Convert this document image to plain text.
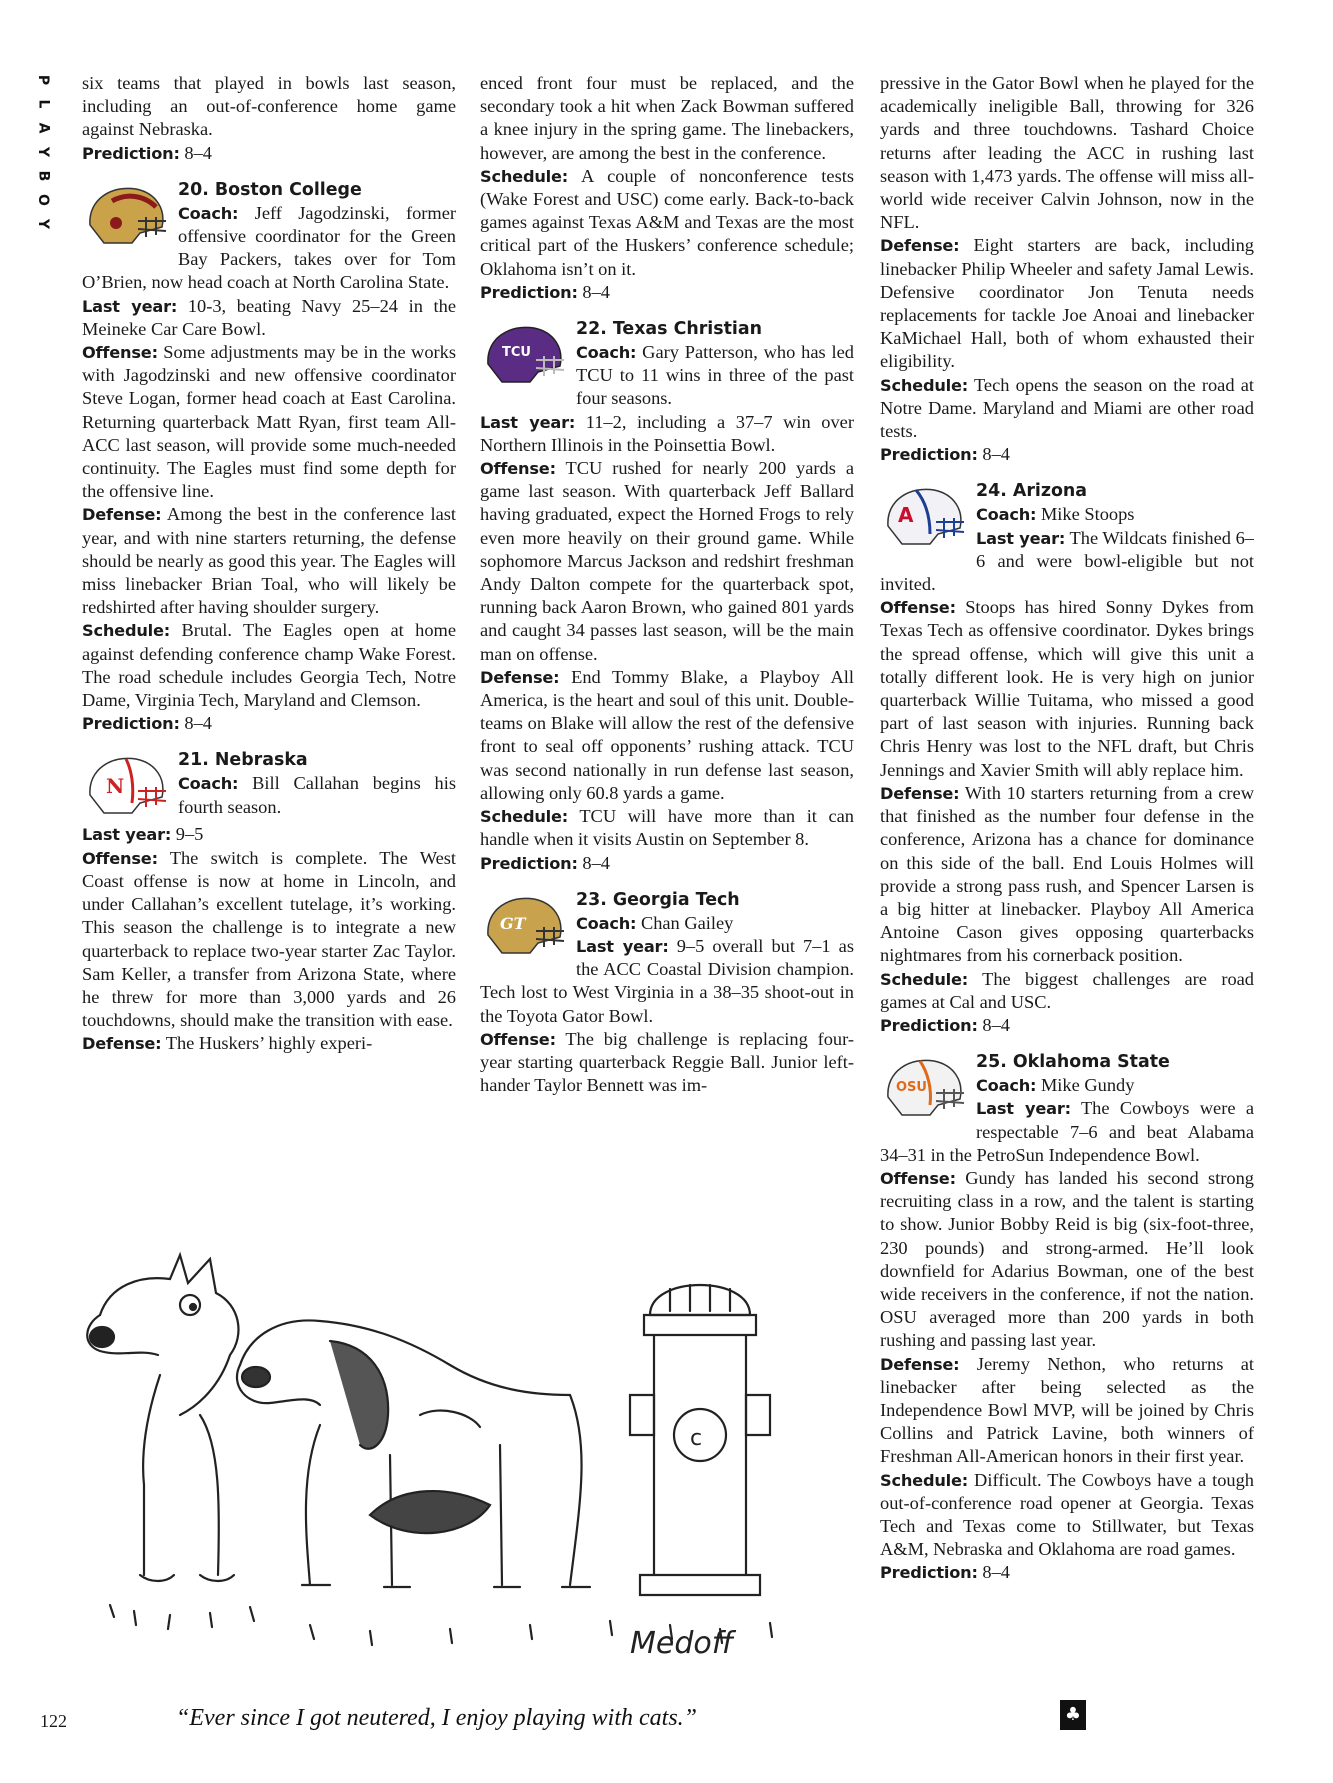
P
L
A
Y
B
O
Y

six teams that played in bowls last season, including an out-of-conference home game against Nebraska.

Prediction: 8–4

20. Boston College
Coach: Jeff Jagodzinski, former offensive coordinator for the Green Bay Packers, takes over for Tom O’Brien, now head coach at North Carolina State.

Last year: 10-3, beating Navy 25–24 in the Meineke Car Care Bowl.

Offense: Some adjustments may be in the works with Jagodzinski and new offensive coordinator Steve Logan, former head coach at East Carolina. Returning quarterback Matt Ryan, first team All-ACC last season, will provide some much-needed continuity. The Eagles must find some depth for the offensive line.

Defense: Among the best in the conference last year, and with nine starters returning, the defense should be nearly as good this year. The Eagles will miss linebacker Brian Toal, who will likely be redshirted after having shoulder surgery.

Schedule: Brutal. The Eagles open at home against defending conference champ Wake Forest. The road schedule includes Georgia Tech, Notre Dame, Virginia Tech, Maryland and Clemson.

Prediction: 8–4

N
21. Nebraska
Coach: Bill Callahan begins his fourth season.

Last year: 9–5

Offense: The switch is complete. The West Coast offense is now at home in Lincoln, and under Callahan’s excellent tutelage, it’s working. This season the challenge is to integrate a new quarterback to replace two-year starter Zac Taylor. Sam Keller, a transfer from Arizona State, where he threw for more than 3,000 yards and 26 touchdowns, should make the transition with ease.

Defense: The Huskers’ highly experi-

enced front four must be replaced, and the secondary took a hit when Zack Bowman suffered a knee injury in the spring game. The linebackers, however, are among the best in the conference.

Schedule: A couple of nonconference tests (Wake Forest and USC) come early. Back-to-back games against Texas A&M and Texas are the most critical part of the Huskers’ conference schedule; Oklahoma isn’t on it.

Prediction: 8–4

TCU
22. Texas Christian
Coach: Gary Patterson, who has led TCU to 11 wins in three of the past four seasons.

Last year: 11–2, including a 37–7 win over Northern Illinois in the Poinsettia Bowl.

Offense: TCU rushed for nearly 200 yards a game last season. With quarterback Jeff Ballard having graduated, expect the Horned Frogs to rely even more heavily on their ground game. While sophomore Marcus Jackson and redshirt freshman Andy Dalton compete for the quarterback spot, running back Aaron Brown, who gained 801 yards and caught 34 passes last season, will be the main man on offense.

Defense: End Tommy Blake, a Playboy All America, is the heart and soul of this unit. Double-teams on Blake will allow the rest of the defensive front to seal off opponents’ rushing attack. TCU was second nationally in run defense last season, allowing only 60.8 yards a game.

Schedule: TCU will have more than it can handle when it visits Austin on September 8.

Prediction: 8–4

GT
23. Georgia Tech
Coach: Chan Gailey
Last year: 9–5 overall but 7–1 as the ACC Coastal Division champion. Tech lost to West Virginia in a 38–35 shoot-out in the Toyota Gator Bowl.

Offense: The big challenge is replacing four-year starting quarterback Reggie Ball. Junior left-hander Taylor Bennett was im-

pressive in the Gator Bowl when he played for the academically ineligible Ball, throwing for 326 yards and three touchdowns. Tashard Choice returns after leading the ACC in rushing last season with 1,473 yards. The offense will miss all-world wide receiver Calvin Johnson, now in the NFL.

Defense: Eight starters are back, including linebacker Philip Wheeler and safety Jamal Lewis. Defensive coordinator Jon Tenuta needs replacements for tackle Joe Anoai and linebacker KaMichael Hall, both of whom exhausted their eligibility.

Schedule: Tech opens the season on the road at Notre Dame. Maryland and Miami are other road tests.

Prediction: 8–4

A
24. Arizona
Coach: Mike Stoops
Last year: The Wildcats finished 6–6 and were bowl-eligible but not invited.

Offense: Stoops has hired Sonny Dykes from Texas Tech as offensive coordinator. Dykes brings the spread offense, which will give this unit a totally different look. He is very high on junior quarterback Willie Tuitama, who missed a good part of last season with injuries. Running back Chris Henry was lost to the NFL draft, but Chris Jennings and Xavier Smith will ably replace him.

Defense: With 10 starters returning from a crew that finished as the number four defense in the conference, Arizona has a chance for dominance on this side of the ball. End Louis Holmes will provide a strong pass rush, and Spencer Larsen is a big hitter at linebacker. Playboy All America Antoine Cason gives opposing quarterbacks nightmares from his cornerback position.

Schedule: The biggest challenges are road games at Cal and USC.

Prediction: 8–4

OSU
25. Oklahoma State
Coach: Mike Gundy
Last year: The Cowboys were a respectable 7–6 and beat Alabama 34–31 in the PetroSun Independence Bowl.

Offense: Gundy has landed his second strong recruiting class in a row, and the talent is starting to show. Junior Bobby Reid is big (six-foot-three, 230 pounds) and strong-armed. He’ll look downfield for Adarius Bowman, one of the best wide receivers in the conference, if not the nation. OSU averaged more than 200 yards in both rushing and passing last year.

Defense: Jeremy Nethon, who returns at linebacker after being selected as the Independence Bowl MVP, will be joined by Chris Collins and Patrick Lavine, both winners of Freshman All-American honors in their first year.

Schedule: Difficult. The Cowboys have a tough out-of-conference road opener at Georgia. Texas Tech and Texas come to Stillwater, but Texas A&M, Nebraska and Oklahoma are road games.

Prediction: 8–4

c
Medoff
“Ever since I got neutered, I enjoy playing with cats.”
122	♣
